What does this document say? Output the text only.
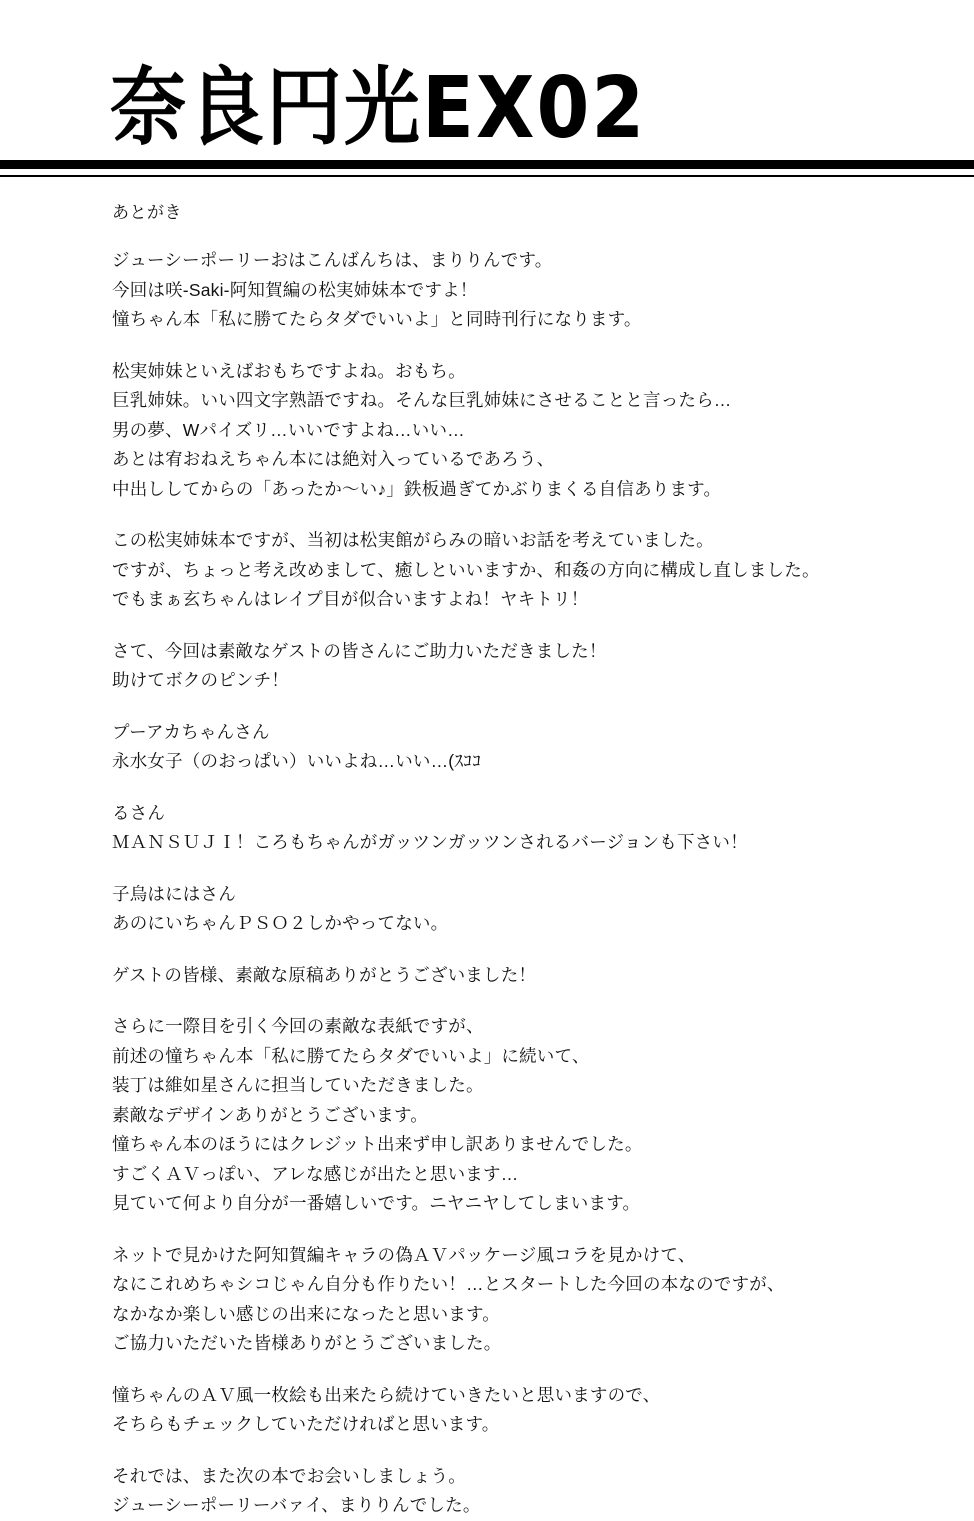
奈良円光EX02
あとがき
ジューシーポーリーおはこんばんちは、まりりんです。
今回は咲-Saki-阿知賀編の松実姉妹本ですよ！
憧ちゃん本「私に勝てたらタダでいいよ」と同時刊行になります。
松実姉妹といえばおもちですよね。おもち。
巨乳姉妹。いい四文字熟語ですね。そんな巨乳姉妹にさせることと言ったら…
男の夢、Wパイズリ…いいですよね…いい…
あとは宥おねえちゃん本には絶対入っているであろう、
中出ししてからの「あったか～い♪」鉄板過ぎてかぶりまくる自信あります。
この松実姉妹本ですが、当初は松実館がらみの暗いお話を考えていました。
ですが、ちょっと考え改めまして、癒しといいますか、和姦の方向に構成し直しました。
でもまぁ玄ちゃんはレイプ目が似合いますよね！ヤキトリ！
さて、今回は素敵なゲストの皆さんにご助力いただきました！
助けてボクのピンチ！
プーアカちゃんさん
永水女子（のおっぱい）いいよね…いい…(ｽｺｺ
るさん
ＭＡＮＳＵＪＩ！ころもちゃんがガッツンガッツンされるバージョンも下さい！
子烏はにはさん
あのにいちゃんＰＳＯ２しかやってない。
ゲストの皆様、素敵な原稿ありがとうございました！
さらに一際目を引く今回の素敵な表紙ですが、
前述の憧ちゃん本「私に勝てたらタダでいいよ」に続いて、
装丁は維如星さんに担当していただきました。
素敵なデザインありがとうございます。
憧ちゃん本のほうにはクレジット出来ず申し訳ありませんでした。
すごくＡＶっぽい、アレな感じが出たと思います…
見ていて何より自分が一番嬉しいです。ニヤニヤしてしまいます。
ネットで見かけた阿知賀編キャラの偽ＡＶパッケージ風コラを見かけて、
なにこれめちゃシコじゃん自分も作りたい！…とスタートした今回の本なのですが、
なかなか楽しい感じの出来になったと思います。
ご協力いただいた皆様ありがとうございました。
憧ちゃんのＡＶ風一枚絵も出来たら続けていきたいと思いますので、
そちらもチェックしていただければと思います。
それでは、また次の本でお会いしましょう。
ジューシーポーリーバァイ、まりりんでした。
